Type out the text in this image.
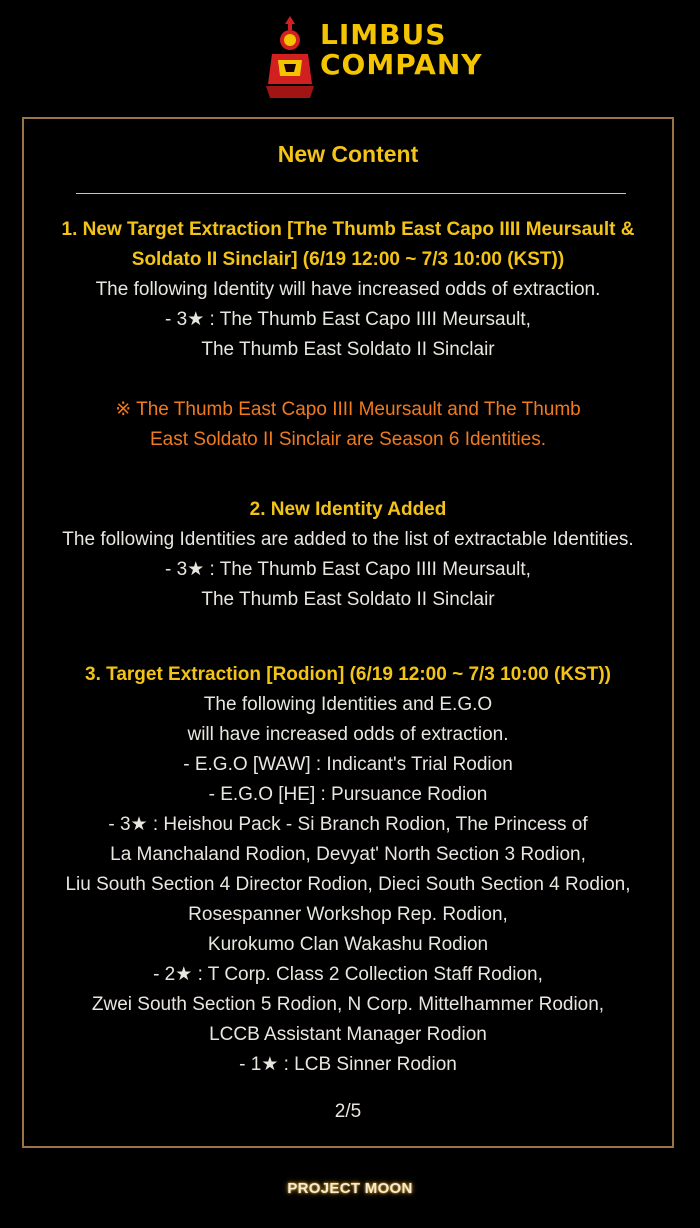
LIMBUS
COMPANY
New Content
1. New Target Extraction [The Thumb East Capo IIII Meursault &
Soldato II Sinclair] (6/19 12:00 ~ 7/3 10:00 (KST))
The following Identity will have increased odds of extraction.
- 3★ : The Thumb East Capo IIII Meursault,
The Thumb East Soldato II Sinclair
※ The Thumb East Capo IIII Meursault and The Thumb
East Soldato II Sinclair are Season 6 Identities.
2. New Identity Added
The following Identities are added to the list of extractable Identities.
- 3★ : The Thumb East Capo IIII Meursault,
The Thumb East Soldato II Sinclair
3. Target Extraction [Rodion] (6/19 12:00 ~ 7/3 10:00 (KST))
The following Identities and E.G.O
will have increased odds of extraction.
- E.G.O [WAW] : Indicant's Trial Rodion
- E.G.O [HE] : Pursuance Rodion
- 3★ : Heishou Pack - Si Branch Rodion, The Princess of
La Manchaland Rodion, Devyat' North Section 3 Rodion,
Liu South Section 4 Director Rodion, Dieci South Section 4 Rodion,
Rosespanner Workshop Rep. Rodion,
Kurokumo Clan Wakashu Rodion
- 2★ : T Corp. Class 2 Collection Staff Rodion,
Zwei South Section 5 Rodion, N Corp. Mittelhammer Rodion,
LCCB Assistant Manager Rodion
- 1★ : LCB Sinner Rodion
2/5
PROJECT MOON
